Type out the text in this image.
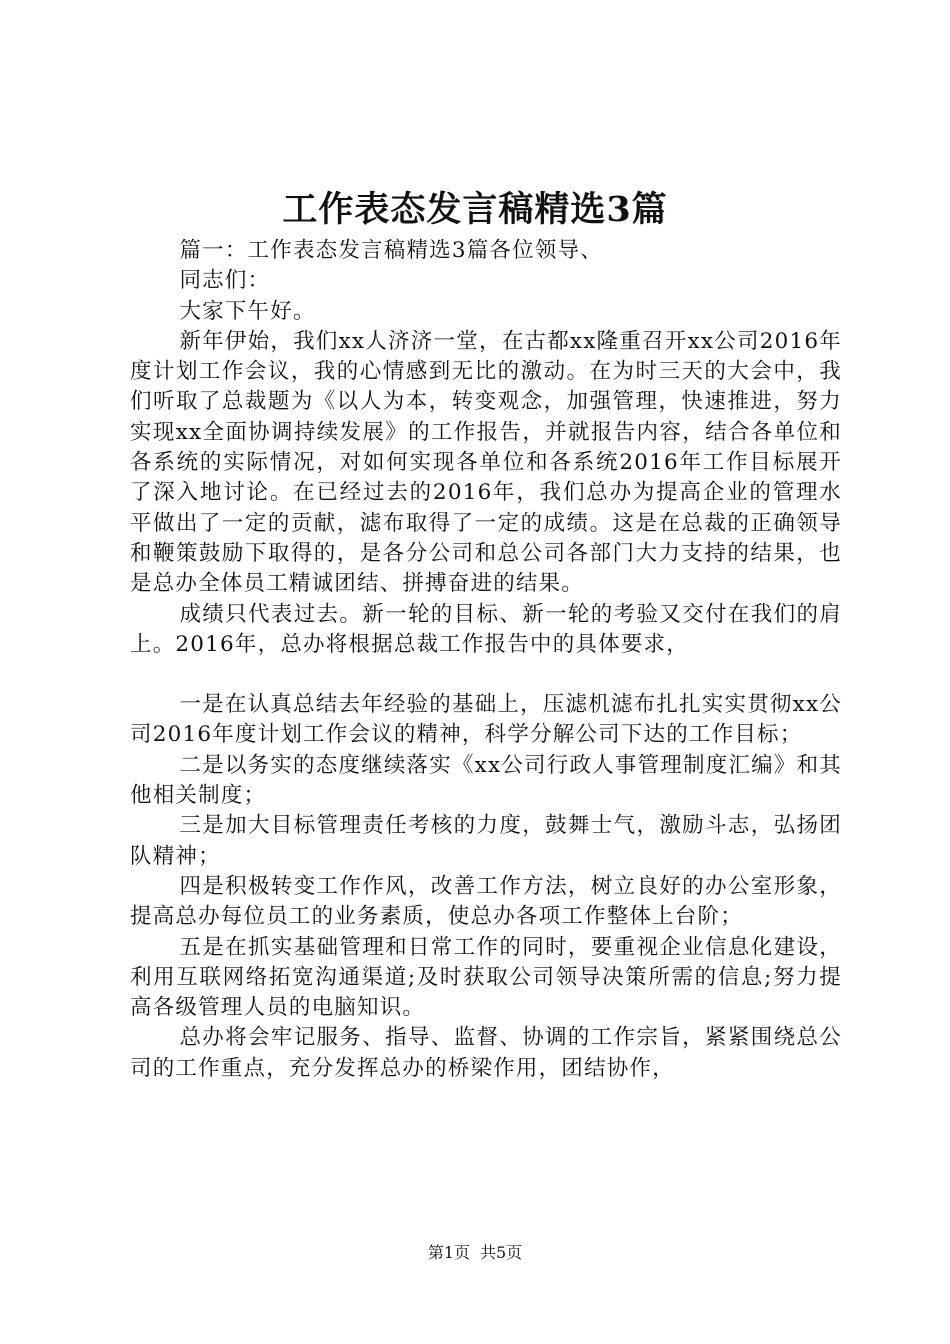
工作表态发言稿精选3篇

篇一：工作表态发言稿精选3篇各位领导、

同志们：

大家下午好。

新年伊始，我们xx人济济一堂，在古都xx隆重召开xx公司2016年度计划工作会议，我的心情感到无比的激动。在为时三天的大会中，我们听取了总裁题为《以人为本，转变观念，加强管理，快速推进，努力实现xx全面协调持续发展》的工作报告，并就报告内容，结合各单位和各系统的实际情况，对如何实现各单位和各系统2016年工作目标展开了深入地讨论。在已经过去的2016年，我们总办为提高企业的管理水平做出了一定的贡献，滤布取得了一定的成绩。这是在总裁的正确领导和鞭策鼓励下取得的，是各分公司和总公司各部门大力支持的结果，也是总办全体员工精诚团结、拼搏奋进的结果。

成绩只代表过去。新一轮的目标、新一轮的考验又交付在我们的肩上。2016年，总办将根据总裁工作报告中的具体要求，

一是在认真总结去年经验的基础上，压滤机滤布扎扎实实贯彻xx公司2016年度计划工作会议的精神，科学分解公司下达的工作目标；

二是以务实的态度继续落实《xx公司行政人事管理制度汇编》和其他相关制度；

三是加大目标管理责任考核的力度，鼓舞士气，激励斗志，弘扬团队精神；

四是积极转变工作作风，改善工作方法，树立良好的办公室形象，提高总办每位员工的业务素质，使总办各项工作整体上台阶；

五是在抓实基础管理和日常工作的同时，要重视企业信息化建设，利用互联网络拓宽沟通渠道;及时获取公司领导决策所需的信息;努力提高各级管理人员的电脑知识。

总办将会牢记服务、指导、监督、协调的工作宗旨，紧紧围绕总公司的工作重点，充分发挥总办的桥梁作用，团结协作，

第1页 共5页
